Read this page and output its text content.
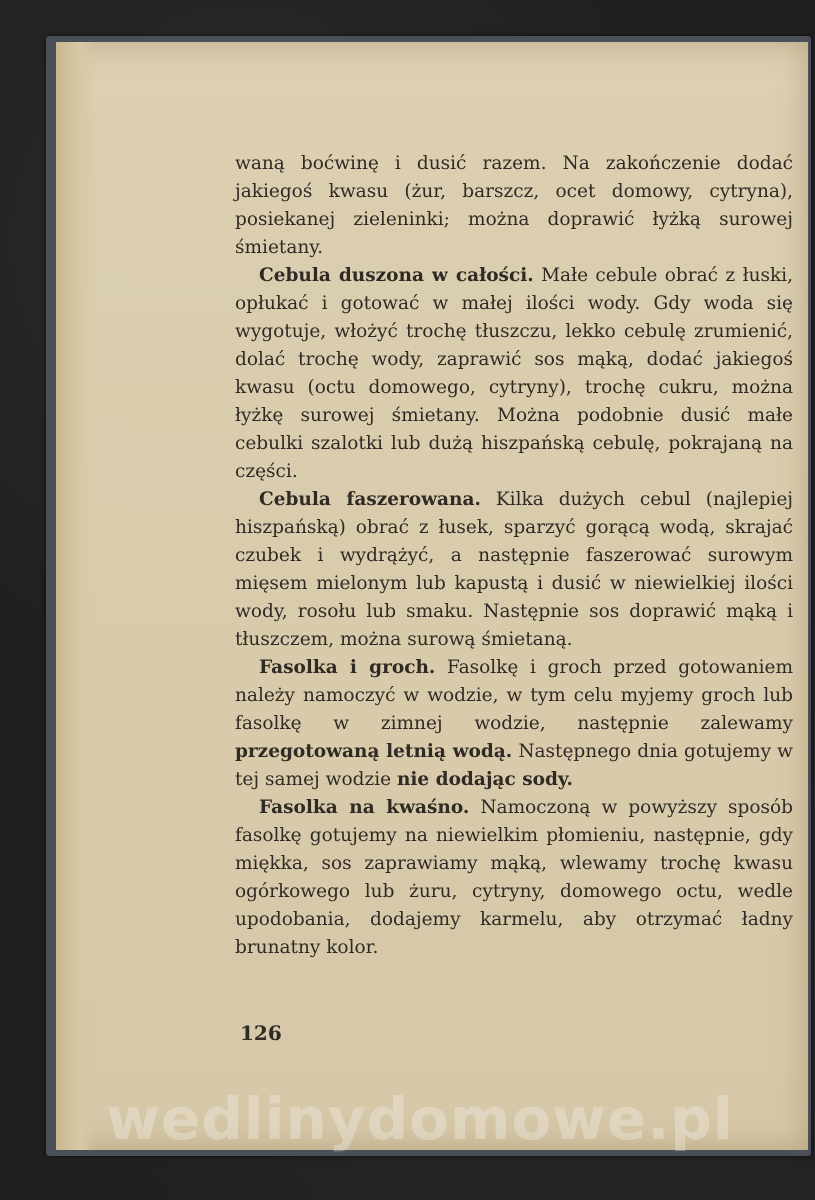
waną boćwinę i dusić razem. Na zakończenie dodać jakiegoś kwasu (żur, barszcz, ocet domowy, cytryna), posiekanej zieleninki; można doprawić łyżką surowej śmietany.

Cebula duszona w całości. Małe cebule obrać z łuski, opłukać i gotować w małej ilości wody. Gdy woda się wygotuje, włożyć trochę tłuszczu, lekko cebulę zrumienić, dolać trochę wody, zaprawić sos mąką, dodać jakiegoś kwasu (octu domowego, cytryny), trochę cukru, można łyżkę surowej śmietany. Można podobnie dusić małe cebulki szalotki lub dużą hiszpańską cebulę, pokrajaną na części.

Cebula faszerowana. Kilka dużych cebul (najlepiej hiszpańską) obrać z łusek, sparzyć gorącą wodą, skrajać czubek i wydrążyć, a następnie faszerować surowym mięsem mielonym lub kapustą i dusić w niewielkiej ilości wody, rosołu lub smaku. Następnie sos doprawić mąką i tłuszczem, można surową śmietaną.

Fasolka i groch. Fasolkę i groch przed gotowaniem należy namoczyć w wodzie, w tym celu myjemy groch lub fasolkę w zimnej wodzie, następnie zalewamy przegotowaną letnią wodą. Następnego dnia gotujemy w tej samej wodzie nie dodając sody.

Fasolka na kwaśno. Namoczoną w powyższy sposób fasolkę gotujemy na niewielkim płomieniu, następnie, gdy miękka, sos zaprawiamy mąką, wlewamy trochę kwasu ogórkowego lub żuru, cytryny, domowego octu, wedle upodobania, dodajemy karmelu, aby otrzymać ładny brunatny kolor.

126
wedlinydomowe.pl
